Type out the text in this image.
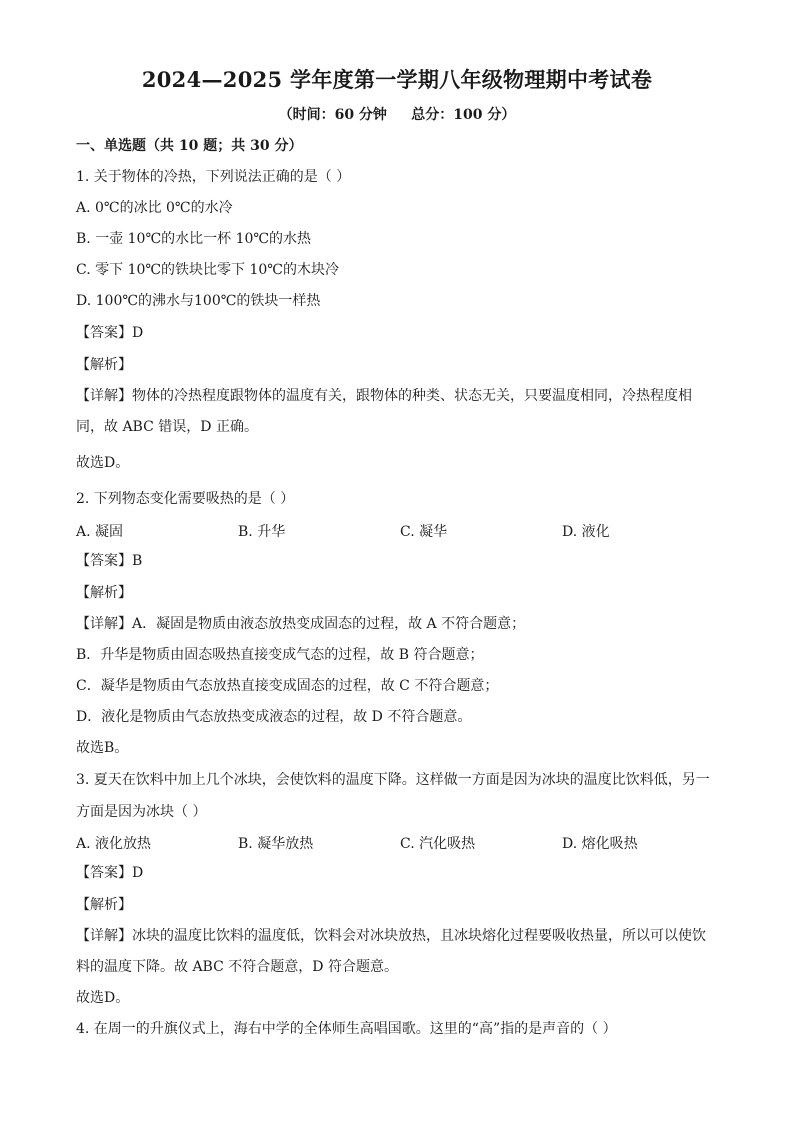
2024—2025 学年度第一学期八年级物理期中考试卷
（时间：60 分钟     总分：100 分）
一、单选题（共 10 题；共 30 分）
1. 关于物体的冷热，下列说法正确的是（ ）
A. 0℃的冰比 0℃的水冷
B. 一壶 10℃的水比一杯 10℃的水热
C. 零下 10℃的铁块比零下 10℃的木块冷
D. 100℃的沸水与100℃的铁块一样热
【答案】D
【解析】
【详解】物体的冷热程度跟物体的温度有关，跟物体的种类、状态无关，只要温度相同，冷热程度相
同，故 ABC 错误，D 正确。
故选D。
2. 下列物态变化需要吸热的是（ ）
A. 凝固	B. 升华	C. 凝华	D. 液化
【答案】B
【解析】
【详解】A．凝固是物质由液态放热变成固态的过程，故 A 不符合题意；
B．升华是物质由固态吸热直接变成气态的过程，故 B 符合题意；
C．凝华是物质由气态放热直接变成固态的过程，故 C 不符合题意；
D．液化是物质由气态放热变成液态的过程，故 D 不符合题意。
故选B。
3. 夏天在饮料中加上几个冰块，会使饮料的温度下降。这样做一方面是因为冰块的温度比饮料低，另一
方面是因为冰块（ ）
A. 液化放热	B. 凝华放热	C. 汽化吸热	D. 熔化吸热
【答案】D
【解析】
【详解】冰块的温度比饮料的温度低，饮料会对冰块放热，且冰块熔化过程要吸收热量，所以可以使饮
料的温度下降。故 ABC 不符合题意，D 符合题意。
故选D。
4. 在周一的升旗仪式上，海右中学的全体师生高唱国歌。这里的“高”指的是声音的（ ）
